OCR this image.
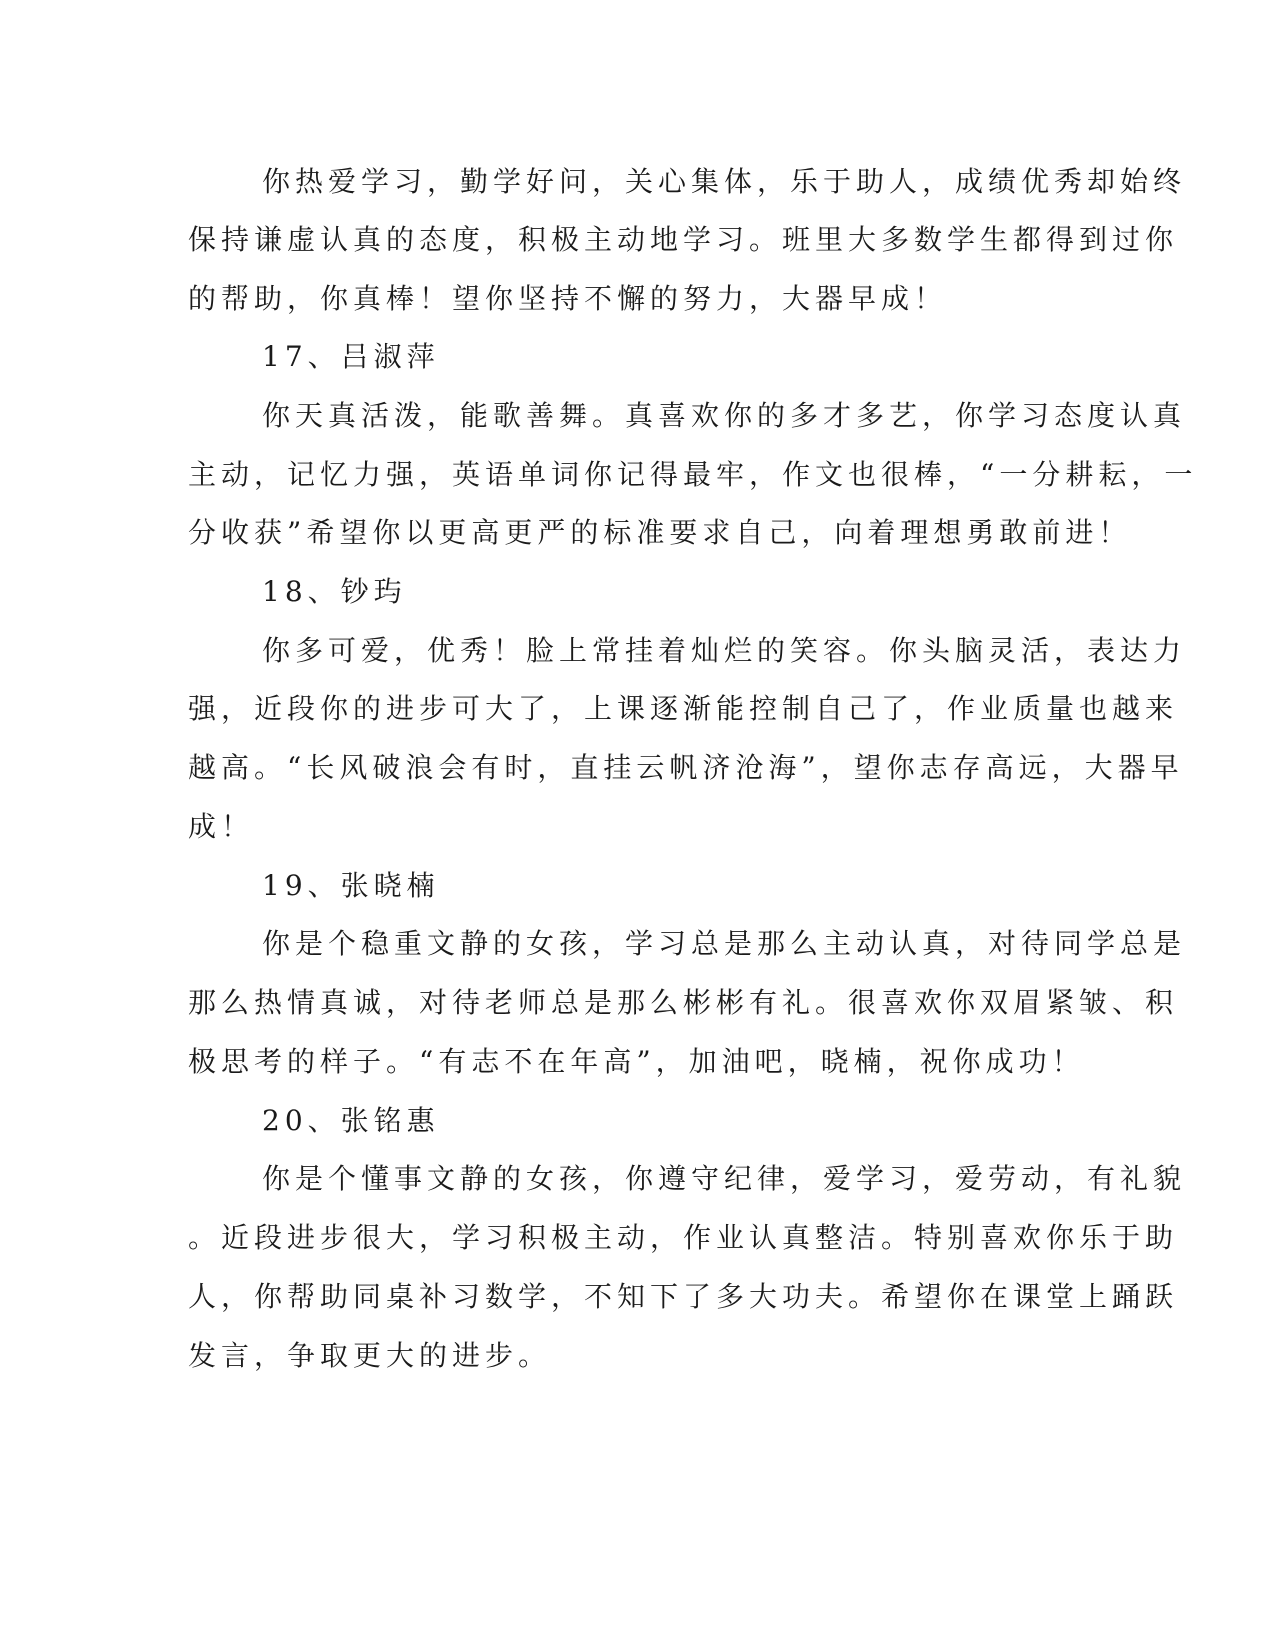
你热爱学习，勤学好问，关心集体，乐于助人，成绩优秀却始终
保持谦虚认真的态度，积极主动地学习。班里大多数学生都得到过你
的帮助，你真棒！望你坚持不懈的努力，大器早成！
17、吕淑萍
你天真活泼，能歌善舞。真喜欢你的多才多艺，你学习态度认真
主动，记忆力强，英语单词你记得最牢，作文也很棒，“一分耕耘，一
分收获”希望你以更高更严的标准要求自己，向着理想勇敢前进！
18、钞玙
你多可爱，优秀！脸上常挂着灿烂的笑容。你头脑灵活，表达力
强，近段你的进步可大了，上课逐渐能控制自己了，作业质量也越来
越高。“长风破浪会有时，直挂云帆济沧海”，望你志存高远，大器早
成！
19、张晓楠
你是个稳重文静的女孩，学习总是那么主动认真，对待同学总是
那么热情真诚，对待老师总是那么彬彬有礼。很喜欢你双眉紧皱、积
极思考的样子。“有志不在年高”，加油吧，晓楠，祝你成功！
20、张铭惠
你是个懂事文静的女孩，你遵守纪律，爱学习，爱劳动，有礼貌
。近段进步很大，学习积极主动，作业认真整洁。特别喜欢你乐于助
人，你帮助同桌补习数学，不知下了多大功夫。希望你在课堂上踊跃
发言，争取更大的进步。
